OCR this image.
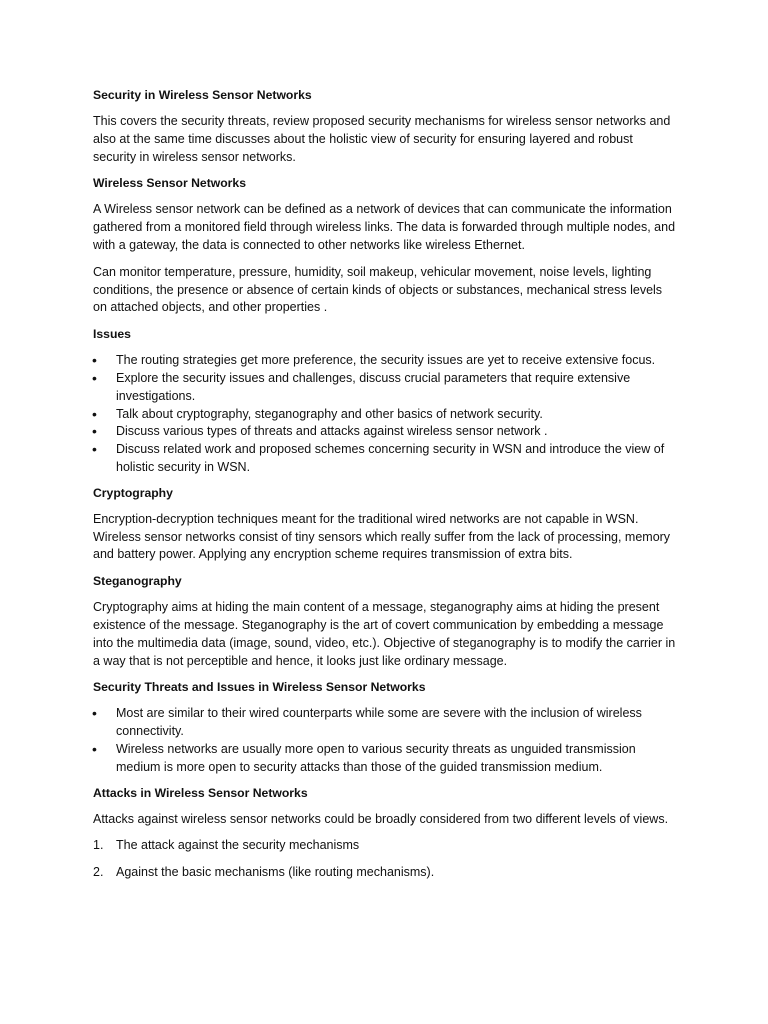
Security in Wireless Sensor Networks
This covers the security threats, review proposed security mechanisms for wireless sensor networks and also at the same time discusses about the holistic view of security for ensuring layered and robust security in wireless sensor networks.
Wireless Sensor Networks
A Wireless sensor network can be defined as a network of devices that can communicate the information gathered from a monitored field through wireless links. The data is forwarded through multiple nodes, and with a gateway, the data is connected to other networks like wireless Ethernet.
Can monitor temperature, pressure, humidity, soil makeup, vehicular movement, noise levels, lighting conditions, the presence or absence of certain kinds of objects or substances, mechanical stress levels on attached objects, and other properties .
Issues
• The routing strategies get more preference, the security issues are yet to receive extensive focus.
• Explore the security issues and challenges, discuss crucial parameters that require extensive investigations.
• Talk about cryptography, steganography and other basics of network security.
• Discuss various types of threats and attacks against wireless sensor network .
• Discuss related work and proposed schemes concerning security in WSN and introduce the view of holistic security in WSN.
Cryptography
Encryption-decryption techniques meant for the traditional wired networks are not capable in WSN. Wireless sensor networks consist of tiny sensors which really suffer from the lack of processing, memory and battery power. Applying any encryption scheme requires transmission of extra bits.
Steganography
Cryptography aims at hiding the main content of a message, steganography aims at hiding the present existence of the message. Steganography is the art of covert communication by embedding a message into the multimedia data (image, sound, video, etc.). Objective of steganography is to modify the carrier in a way that is not perceptible and hence, it looks just like ordinary message.
Security Threats and Issues in Wireless Sensor Networks
• Most are similar to their wired counterparts while some are severe with the inclusion of wireless connectivity.
• Wireless networks are usually more open to various security threats as unguided transmission medium is more open to security attacks than those of the guided transmission medium.
Attacks in Wireless Sensor Networks
Attacks against wireless sensor networks could be broadly considered from two different levels of views.
1. The attack against the security mechanisms
2. Against the basic mechanisms (like routing mechanisms).
